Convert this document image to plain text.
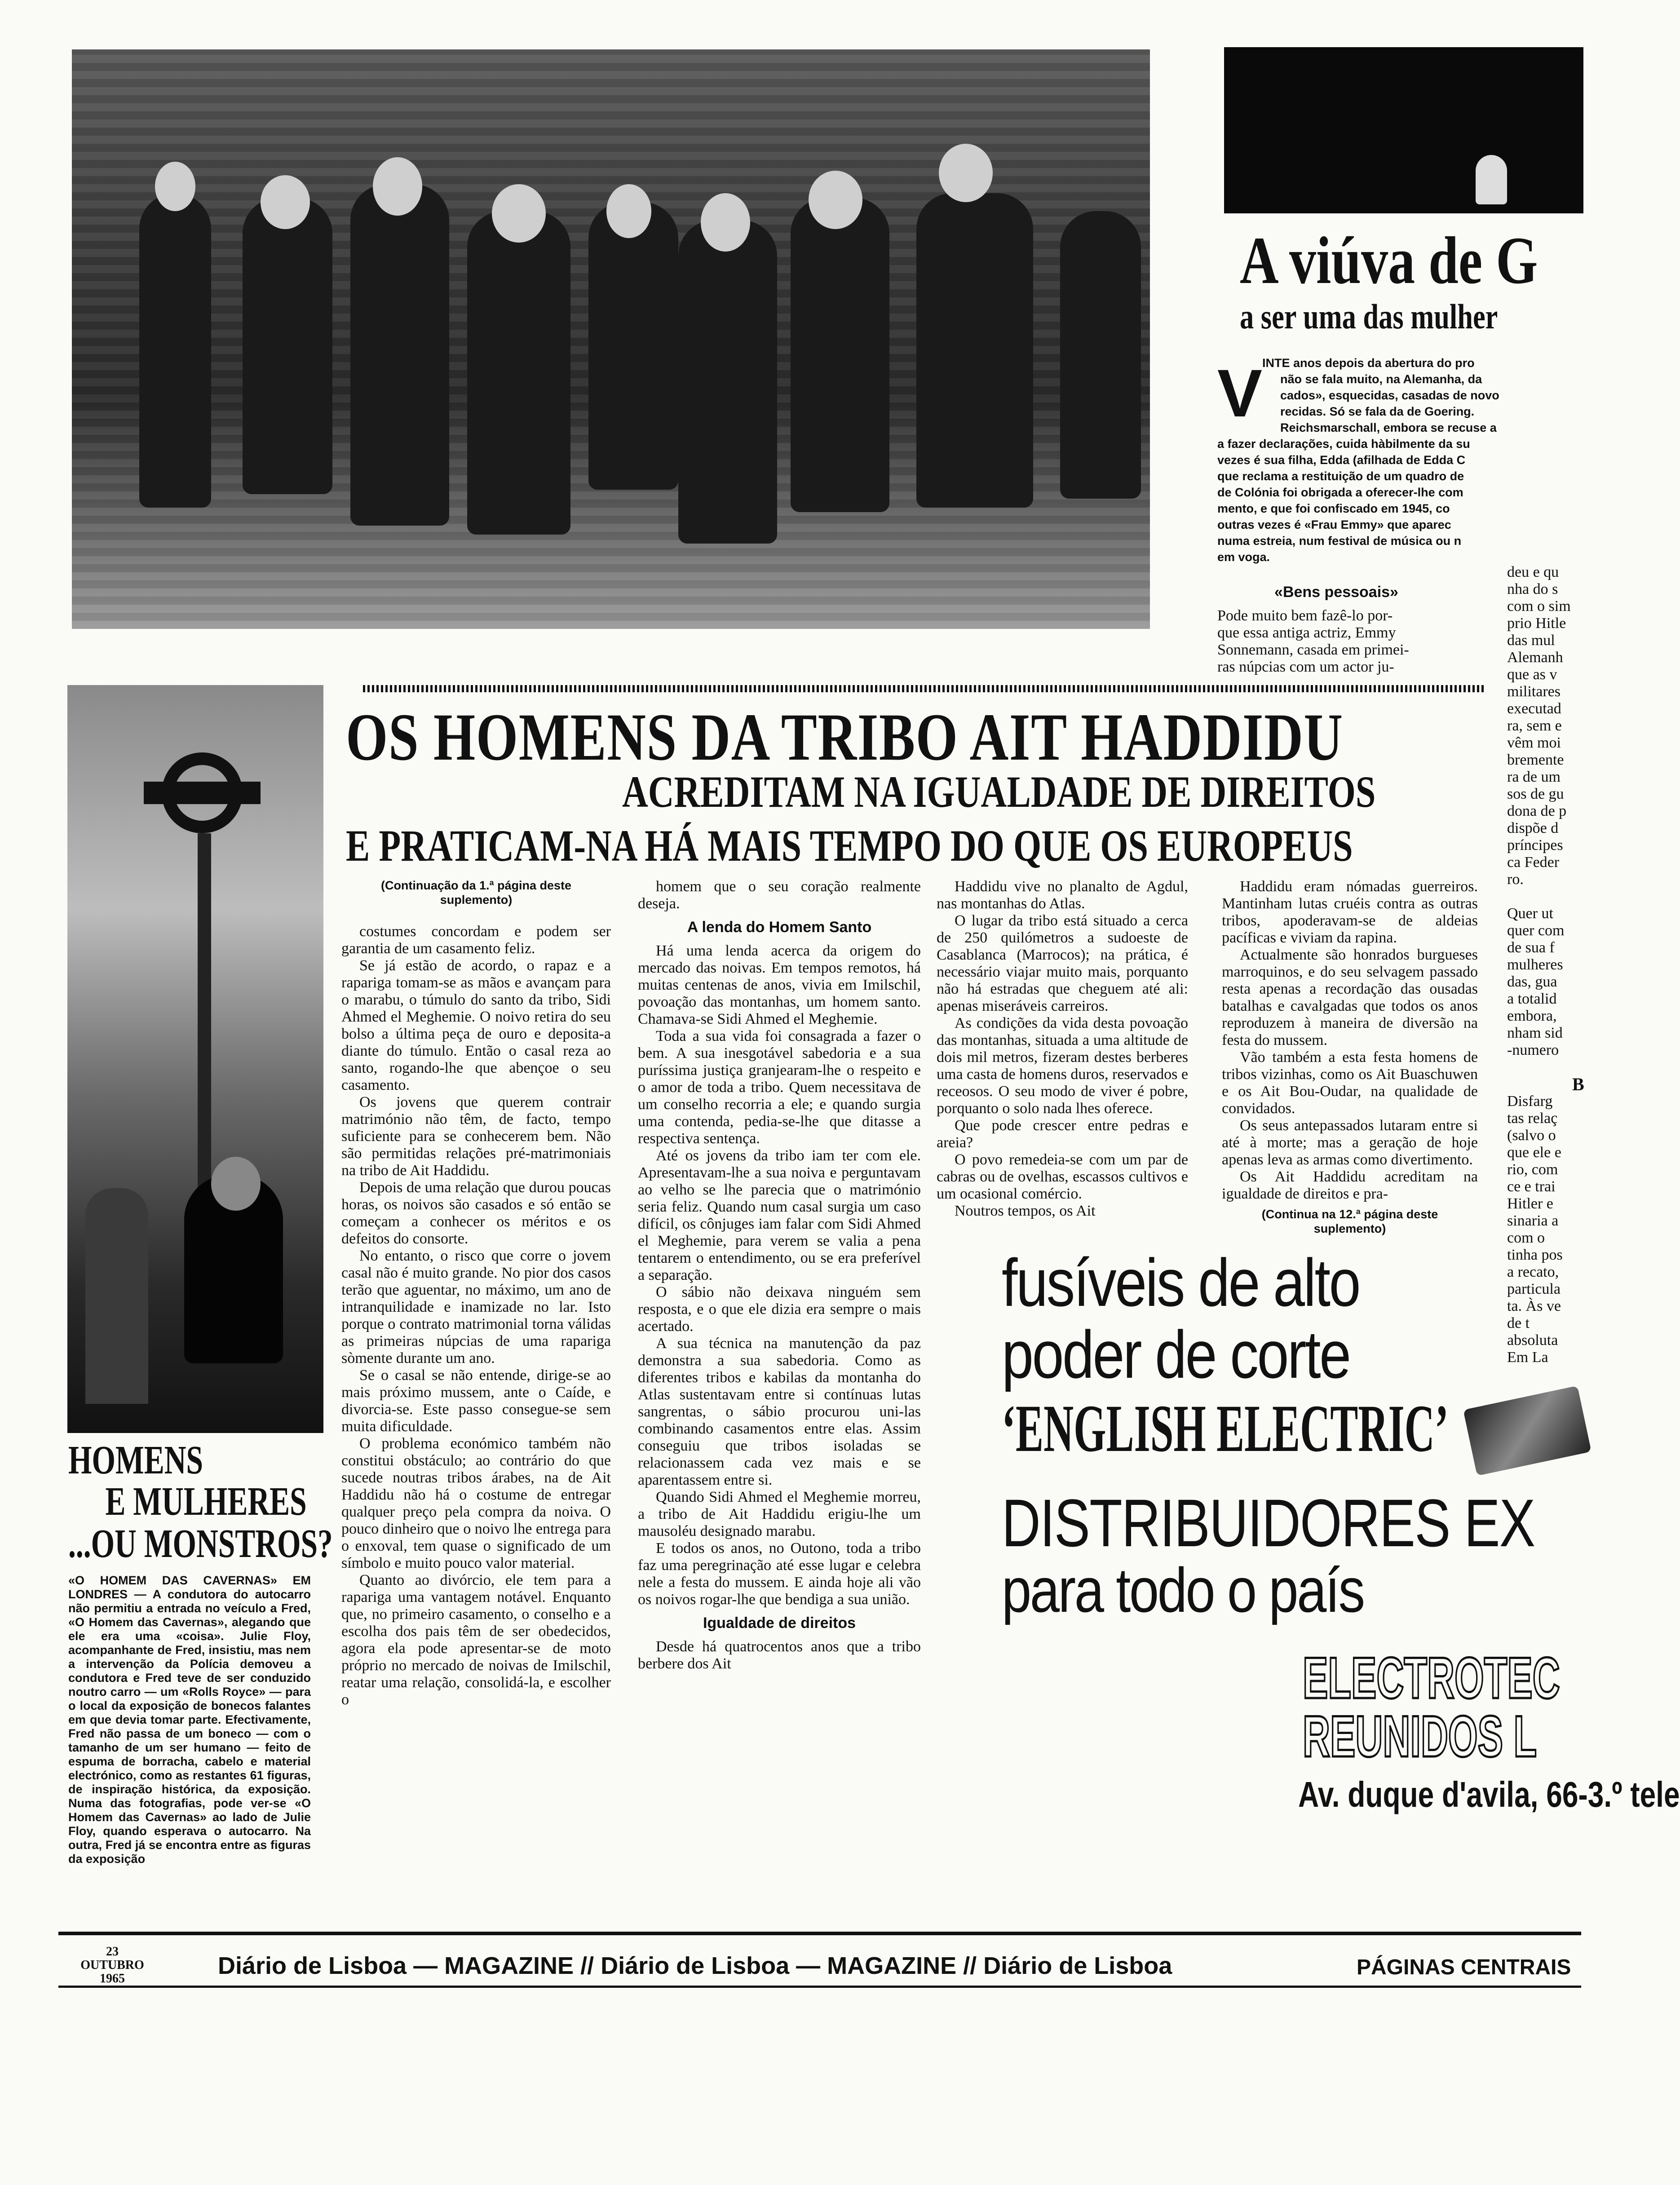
A viúva de G
a ser uma das mulher
V INTE anos depois da abertura do pro
não se fala muito, na Alemanha, da
cados», esquecidas, casadas de novo
recidas. Só se fala da de Goering.
Reichsmarschall, embora se recuse a
a fazer declarações, cuida hàbilmente da su
vezes é sua filha, Edda (afilhada de Edda C
que reclama a restituição de um quadro de
de Colónia foi obrigada a oferecer-lhe com
mento, e que foi confiscado em 1945, co
outras vezes é «Frau Emmy» que aparec
numa estreia, num festival de música ou n
em voga.
«Bens pessoais»
Pode muito bem fazê-lo por-
que essa antiga actriz, Emmy
Sonnemann, casada em primei-
ras núpcias com um actor ju-
deu e qu
nha do s
com o sim
prio Hitle
das mul
Alemanh
que as v
militares
executad
ra, sem e
vêm moi
bremente
ra de um
sos de gu
dona de p
dispõe d
príncipes
ca Feder
ro.

Quer ut
quer com
de sua f
mulheres
das, gua
a totalid
embora,
nham sid
-numero

Disfarg
tas relaç
(salvo o
que ele e
rio, com
ce e trai
Hitler e
sinaria a
com o
tinha pos
a recato,
particula
ta. Às ve
de t
absoluta
Em La
B
HOMENS
E MULHERES
...OU MONSTROS?
«O HOMEM DAS CAVERNAS» EM LONDRES — A condutora do autocarro não permitiu a entrada no veículo a Fred, «O Homem das Cavernas», alegando que ele era uma «coisa». Julie Floy, acompanhante de Fred, insistiu, mas nem a intervenção da Polícia demoveu a condutora e Fred teve de ser conduzido noutro carro — um «Rolls Royce» — para o local da exposição de bonecos falantes em que devia tomar parte. Efectivamente, Fred não passa de um boneco — com o tamanho de um ser humano — feito de espuma de borracha, cabelo e material electrónico, como as restantes 61 figuras, de inspiração histórica, da exposição. Numa das fotografias, pode ver-se «O Homem das Cavernas» ao lado de Julie Floy, quando esperava o autocarro. Na outra, Fred já se encontra entre as figuras da exposição
OS HOMENS DA TRIBO AIT HADDIDU
ACREDITAM NA IGUALDADE DE DIREITOS
E PRATICAM-NA HÁ MAIS TEMPO DO QUE OS EUROPEUS
(Continuação da 1.ª página deste suplemento)

costumes concordam e podem ser garantia de um casamento feliz.

Se já estão de acordo, o rapaz e a rapariga tomam-se as mãos e avançam para o marabu, o túmulo do santo da tribo, Sidi Ahmed el Meghemie. O noivo retira do seu bolso a última peça de ouro e deposita-a diante do túmulo. Então o casal reza ao santo, rogando-lhe que abençoe o seu casamento.

Os jovens que querem contrair matrimónio não têm, de facto, tempo suficiente para se conhecerem bem. Não são permitidas relações pré-matrimoniais na tribo de Ait Haddidu.

Depois de uma relação que durou poucas horas, os noivos são casados e só então se começam a conhecer os méritos e os defeitos do consorte.

No entanto, o risco que corre o jovem casal não é muito grande. No pior dos casos terão que aguentar, no máximo, um ano de intranquilidade e inamizade no lar. Isto porque o contrato matrimonial torna válidas as primeiras núpcias de uma rapariga sòmente durante um ano.

Se o casal se não entende, dirige-se ao mais próximo mussem, ante o Caíde, e divorcia-se. Este passo consegue-se sem muita dificuldade.

O problema económico também não constitui obstáculo; ao contrário do que sucede noutras tribos árabes, na de Ait Haddidu não há o costume de entregar qualquer preço pela compra da noiva. O pouco dinheiro que o noivo lhe entrega para o enxoval, tem quase o significado de um símbolo e muito pouco valor material.

Quanto ao divórcio, ele tem para a rapariga uma vantagem notável. Enquanto que, no primeiro casamento, o conselho e a escolha dos pais têm de ser obedecidos, agora ela pode apresentar-se de moto próprio no mercado de noivas de Imilschil, reatar uma relação, consolidá-la, e escolher o

homem que o seu coração realmente deseja.

A lenda do Homem Santo

Há uma lenda acerca da origem do mercado das noivas. Em tempos remotos, há muitas centenas de anos, vivia em Imilschil, povoação das montanhas, um homem santo. Chamava-se Sidi Ahmed el Meghemie.

Toda a sua vida foi consagrada a fazer o bem. A sua inesgotável sabedoria e a sua puríssima justiça granjearam-lhe o respeito e o amor de toda a tribo. Quem necessitava de um conselho recorria a ele; e quando surgia uma contenda, pedia-se-lhe que ditasse a respectiva sentença.

Até os jovens da tribo iam ter com ele. Apresentavam-lhe a sua noiva e perguntavam ao velho se lhe parecia que o matrimónio seria feliz. Quando num casal surgia um caso difícil, os cônjuges iam falar com Sidi Ahmed el Meghemie, para verem se valia a pena tentarem o entendimento, ou se era preferível a separação.

O sábio não deixava ninguém sem resposta, e o que ele dizia era sempre o mais acertado.

A sua técnica na manutenção da paz demonstra a sua sabedoria. Como as diferentes tribos e kabilas da montanha do Atlas sustentavam entre si contínuas lutas sangrentas, o sábio procurou uni-las combinando casamentos entre elas. Assim conseguiu que tribos isoladas se relacionassem cada vez mais e se aparentassem entre si.

Quando Sidi Ahmed el Meghemie morreu, a tribo de Ait Haddidu erigiu-lhe um mausoléu designado marabu.

E todos os anos, no Outono, toda a tribo faz uma peregrinação até esse lugar e celebra nele a festa do mussem. E ainda hoje ali vão os noivos rogar-lhe que bendiga a sua união.

Igualdade de direitos

Desde há quatrocentos anos que a tribo berbere dos Ait

Haddidu vive no planalto de Agdul, nas montanhas do Atlas.

O lugar da tribo está situado a cerca de 250 quilómetros a sudoeste de Casablanca (Marrocos); na prática, é necessário viajar muito mais, porquanto não há estradas que cheguem até ali: apenas miseráveis carreiros.

As condições da vida desta povoação das montanhas, situada a uma altitude de dois mil metros, fizeram destes berberes uma casta de homens duros, reservados e receosos. O seu modo de viver é pobre, porquanto o solo nada lhes oferece.

Que pode crescer entre pedras e areia?

O povo remedeia-se com um par de cabras ou de ovelhas, escassos cultivos e um ocasional comércio.

Noutros tempos, os Ait

Haddidu eram nómadas guerreiros. Mantinham lutas cruéis contra as outras tribos, apoderavam-se de aldeias pacíficas e viviam da rapina.

Actualmente são honrados burgueses marroquinos, e do seu selvagem passado resta apenas a recordação das ousadas batalhas e cavalgadas que todos os anos reproduzem à maneira de diversão na festa do mussem.

Vão também a esta festa homens de tribos vizinhas, como os Ait Buaschuwen e os Ait Bou-Oudar, na qualidade de convidados.

Os seus antepassados lutaram entre si até à morte; mas a geração de hoje apenas leva as armas como divertimento.

Os Ait Haddidu acreditam na igualdade de direitos e pra-

(Continua na 12.ª página deste suplemento)
fusíveis de alto
poder de corte
‘ENGLISH ELECTRIC’
DISTRIBUIDORES EX
para todo o país
ELECTROTEC
REUNIDOS L
Av. duque d'avila, 66-3.º tele
23
OUTUBRO
1965	Diário de Lisboa — MAGAZINE // Diário de Lisboa — MAGAZINE // Diário de Lisboa	PÁGINAS CENTRAIS
